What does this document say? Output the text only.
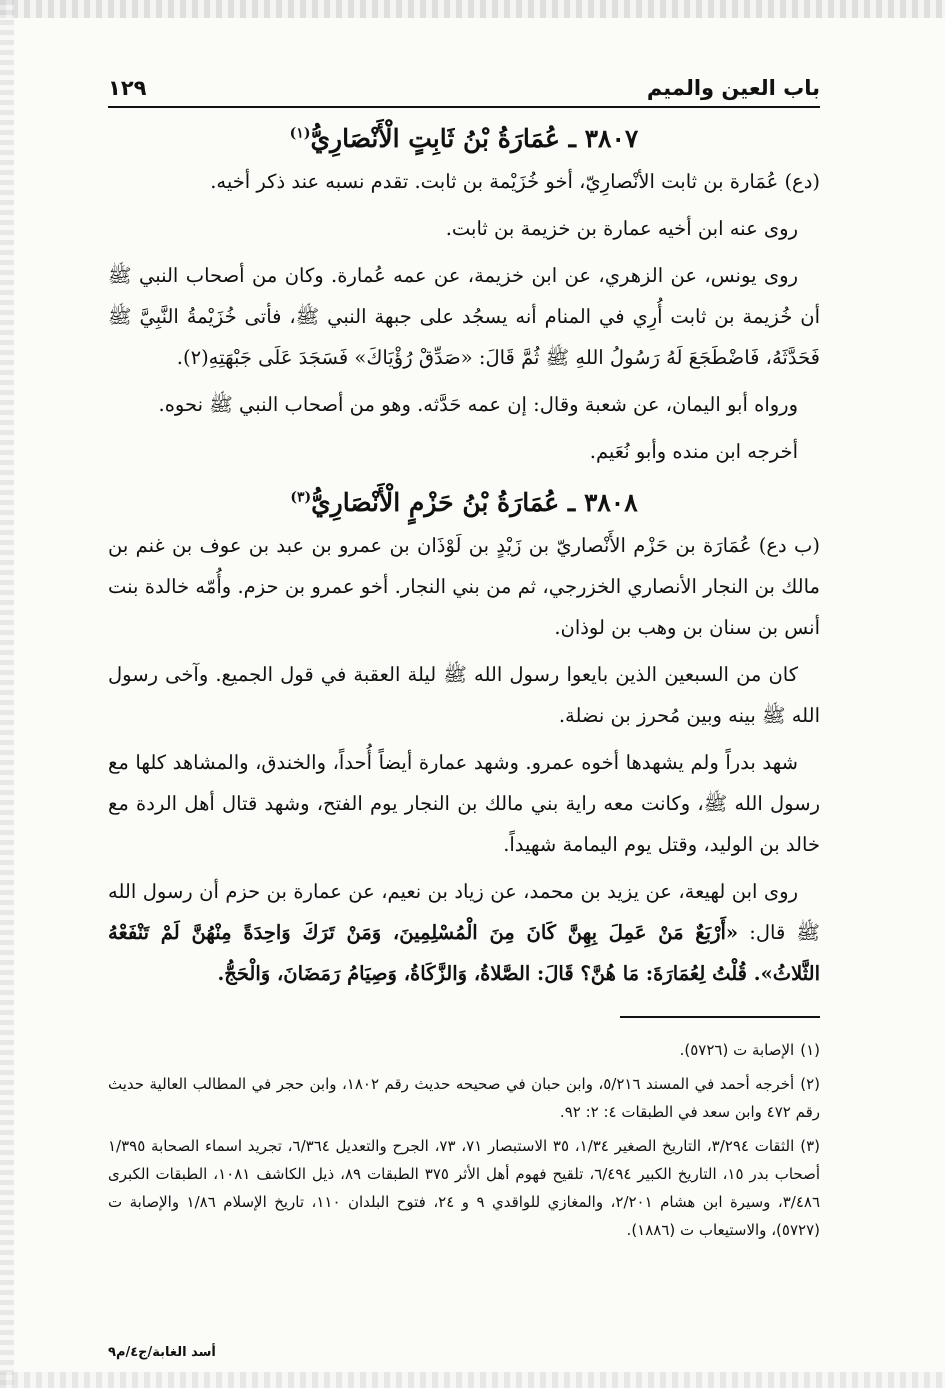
باب العين والميم
١٢٩
٣٨٠٧ ـ عُمَارَةُ بْنُ ثَابِتٍ الْأَنْصَارِيُّ$^{(١)}$

(دع) عُمَارة بن ثابت الأنْصارِيّ، أخو خُزَيْمة بن ثابت. تقدم نسبه عند ذكر أخيه.

روى عنه ابن أخيه عمارة بن خزيمة بن ثابت.

روى يونس، عن الزهري، عن ابن خزيمة، عن عمه عُمارة. وكان من أصحاب النبي ﷺ أن خُزيمة بن ثابت أُرِي في المنام أنه يسجُد على جبهة النبي ﷺ، فأتى خُزَيْمةُ النَّبِيَّ ﷺ فَحَدَّثَهُ، فَاضْطَجَعَ لَهُ رَسُولُ اللهِ ﷺ ثُمَّ قَالَ: «صَدِّقْ رُؤْيَاكَ» فَسَجَدَ عَلَى جَبْهَتِهِ(٢).

ورواه أبو اليمان، عن شعبة وقال: إن عمه حَدَّثه. وهو من أصحاب النبي ﷺ نحوه.

أخرجه ابن منده وأبو نُعَيم.

٣٨٠٨ ـ عُمَارَةُ بْنُ حَزْمٍ الْأَنْصَارِيُّ$^{(٣)}$

(ب دع) عُمَارَة بن حَزْم الأَنْصاريّ بن زَيْدٍ بن لَوْذَان بن عمرو بن عبد بن عوف بن غنم بن مالك بن النجار الأنصاري الخزرجي، ثم من بني النجار. أخو عمرو بن حزم. وأُمّه خالدة بنت أنس بن سنان بن وهب بن لوذان.

كان من السبعين الذين بايعوا رسول الله ﷺ ليلة العقبة في قول الجميع. وآخى رسول الله ﷺ بينه وبين مُحرز بن نضلة.

شهد بدراً ولم يشهدها أخوه عمرو. وشهد عمارة أيضاً أُحداً، والخندق، والمشاهد كلها مع رسول الله ﷺ، وكانت معه راية بني مالك بن النجار يوم الفتح، وشهد قتال أهل الردة مع خالد بن الوليد، وقتل يوم اليمامة شهيداً.

روى ابن لهيعة، عن يزيد بن محمد، عن زياد بن نعيم، عن عمارة بن حزم أن رسول الله ﷺ قال: «أَرْبَعٌ مَنْ عَمِلَ بِهِنَّ كَانَ مِنَ الْمُسْلِمِينَ، وَمَنْ تَرَكَ وَاحِدَةً مِنْهُنَّ لَمْ تَنْفَعْهُ الثَّلاثُ». قُلْتُ لِعُمَارَةَ: مَا هُنَّ؟ قَالَ: الصَّلاةُ، وَالزَّكَاةُ، وَصِيَامُ رَمَضَانَ، وَالْحَجُّ.

(١)الإصابة ت (٥٧٢٦).

(٢)أخرجه أحمد في المسند ٥/٢١٦، وابن حبان في صحيحه حديث رقم ١٨٠٢، وابن حجر في المطالب العالية حديث رقم ٤٧٢ وابن سعد في الطبقات ٤: ٢: ٩٢.

(٣)الثقات ٣/٢٩٤، التاريخ الصغير ١/٣٤، ٣٥ الاستبصار ٧١، ٧٣، الجرح والتعديل ٦/٣٦٤، تجريد اسماء الصحابة ١/٣٩٥ أصحاب بدر ١٥، التاريخ الكبير ٦/٤٩٤، تلقيح فهوم أهل الأثر ٣٧٥ الطبقات ٨٩، ذيل الكاشف ١٠٨١، الطبقات الكبرى ٣/٤٨٦، وسيرة ابن هشام ٢/٢٠١، والمغازي للواقدي ٩ و ٢٤، فتوح البلدان ١١٠، تاريخ الإسلام ١/٨٦ والإصابة ت (٥٧٢٧)، والاستيعاب ت (١٨٨٦).

أسد الغابة/ج٤/م٩
